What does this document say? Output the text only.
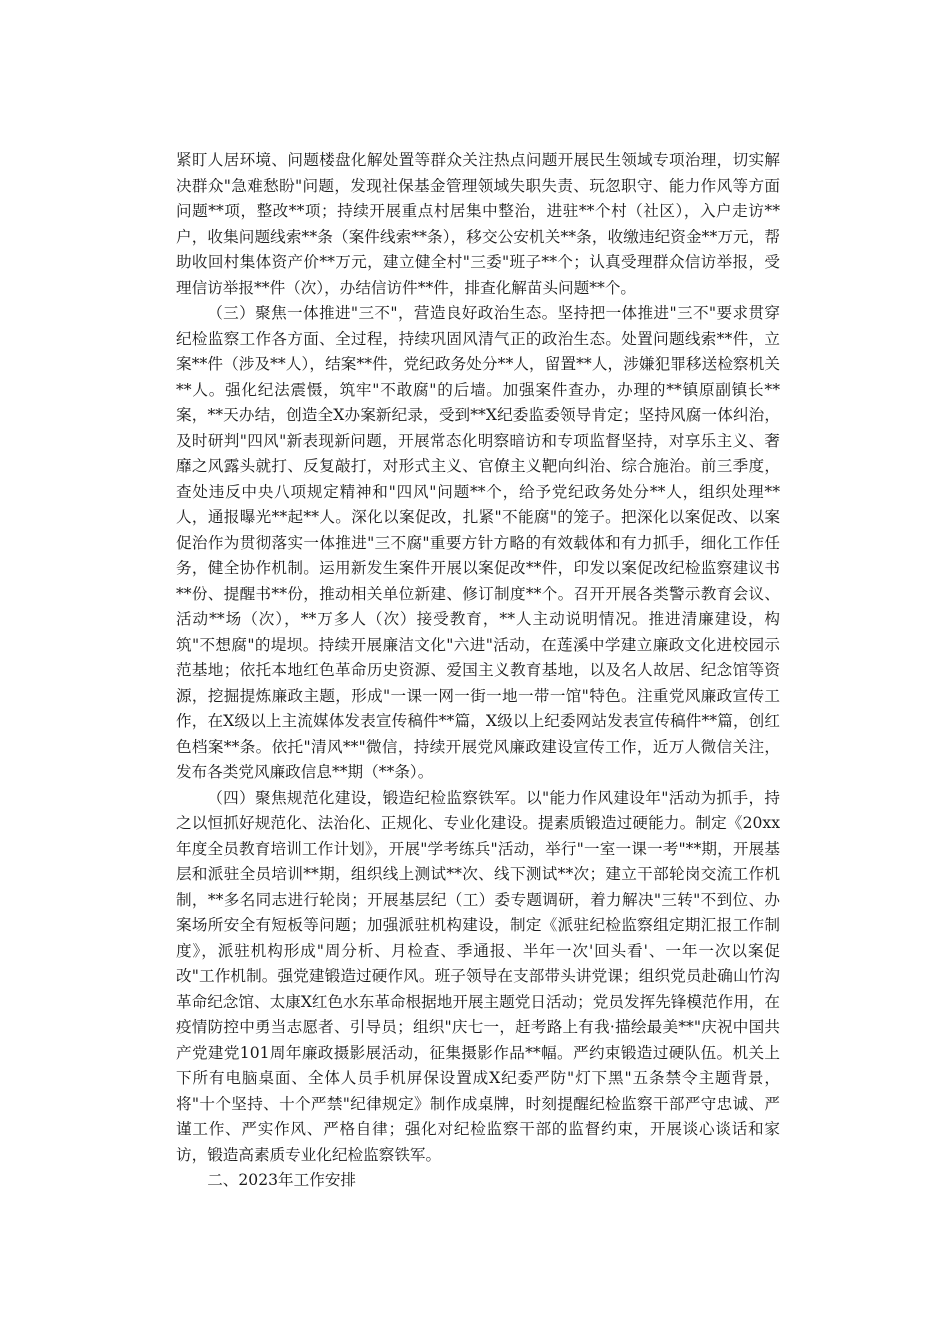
紧盯人居环境、问题楼盘化解处置等群众关注热点问题开展民生领域专项治理，切实解决群众"急难愁盼"问题，发现社保基金管理领域失职失责、玩忽职守、能力作风等方面问题**项，整改**项；持续开展重点村居集中整治，进驻**个村（社区），入户走访**户，收集问题线索**条（案件线索**条），移交公安机关**条，收缴违纪资金**万元，帮助收回村集体资产价**万元，建立健全村"三委"班子**个；认真受理群众信访举报，受理信访举报**件（次），办结信访件**件，排查化解苗头问题**个。

（三）聚焦一体推进"三不"，营造良好政治生态。坚持把一体推进"三不"要求贯穿纪检监察工作各方面、全过程，持续巩固风清气正的政治生态。处置问题线索**件，立案**件（涉及**人），结案**件，党纪政务处分**人，留置**人，涉嫌犯罪移送检察机关**人。强化纪法震慑，筑牢"不敢腐"的后墙。加强案件查办，办理的**镇原副镇长**案，**天办结，创造全X办案新纪录，受到**X纪委监委领导肯定；坚持风腐一体纠治，及时研判"四风"新表现新问题，开展常态化明察暗访和专项监督坚持，对享乐主义、奢靡之风露头就打、反复敲打，对形式主义、官僚主义靶向纠治、综合施治。前三季度，查处违反中央八项规定精神和"四风"问题**个，给予党纪政务处分**人，组织处理**人，通报曝光**起**人。深化以案促改，扎紧"不能腐"的笼子。把深化以案促改、以案促治作为贯彻落实一体推进"三不腐"重要方针方略的有效载体和有力抓手，细化工作任务，健全协作机制。运用新发生案件开展以案促改**件，印发以案促改纪检监察建议书**份、提醒书**份，推动相关单位新建、修订制度**个。召开开展各类警示教育会议、活动**场（次），**万多人（次）接受教育，**人主动说明情况。推进清廉建设，构筑"不想腐"的堤坝。持续开展廉洁文化"六进"活动，在莲溪中学建立廉政文化进校园示范基地；依托本地红色革命历史资源、爱国主义教育基地，以及名人故居、纪念馆等资源，挖掘提炼廉政主题，形成"一课一网一街一地一带一馆"特色。注重党风廉政宣传工作，在X级以上主流媒体发表宣传稿件**篇，X级以上纪委网站发表宣传稿件**篇，创红色档案**条。依托"清风**"微信，持续开展党风廉政建设宣传工作，近万人微信关注，发布各类党风廉政信息**期（**条）。

（四）聚焦规范化建设，锻造纪检监察铁军。以"能力作风建设年"活动为抓手，持之以恒抓好规范化、法治化、正规化、专业化建设。提素质锻造过硬能力。制定《20xx年度全员教育培训工作计划》，开展"学考练兵"活动，举行"一室一课一考"**期，开展基层和派驻全员培训**期，组织线上测试**次、线下测试**次；建立干部轮岗交流工作机制，**多名同志进行轮岗；开展基层纪（工）委专题调研，着力解决"三转"不到位、办案场所安全有短板等问题；加强派驻机构建设，制定《派驻纪检监察组定期汇报工作制度》，派驻机构形成"周分析、月检查、季通报、半年一次'回头看'、一年一次以案促改"工作机制。强党建锻造过硬作风。班子领导在支部带头讲党课；组织党员赴确山竹沟革命纪念馆、太康X红色水东革命根据地开展主题党日活动；党员发挥先锋模范作用，在疫情防控中勇当志愿者、引导员；组织"庆七一，赶考路上有我·描绘最美**"庆祝中国共产党建党101周年廉政摄影展活动，征集摄影作品**幅。严约束锻造过硬队伍。机关上下所有电脑桌面、全体人员手机屏保设置成X纪委严防"灯下黑"五条禁令主题背景，将"十个坚持、十个严禁"纪律规定》制作成桌牌，时刻提醒纪检监察干部严守忠诚、严谨工作、严实作风、严格自律；强化对纪检监察干部的监督约束，开展谈心谈话和家访，锻造高素质专业化纪检监察铁军。

二、2023年工作安排
